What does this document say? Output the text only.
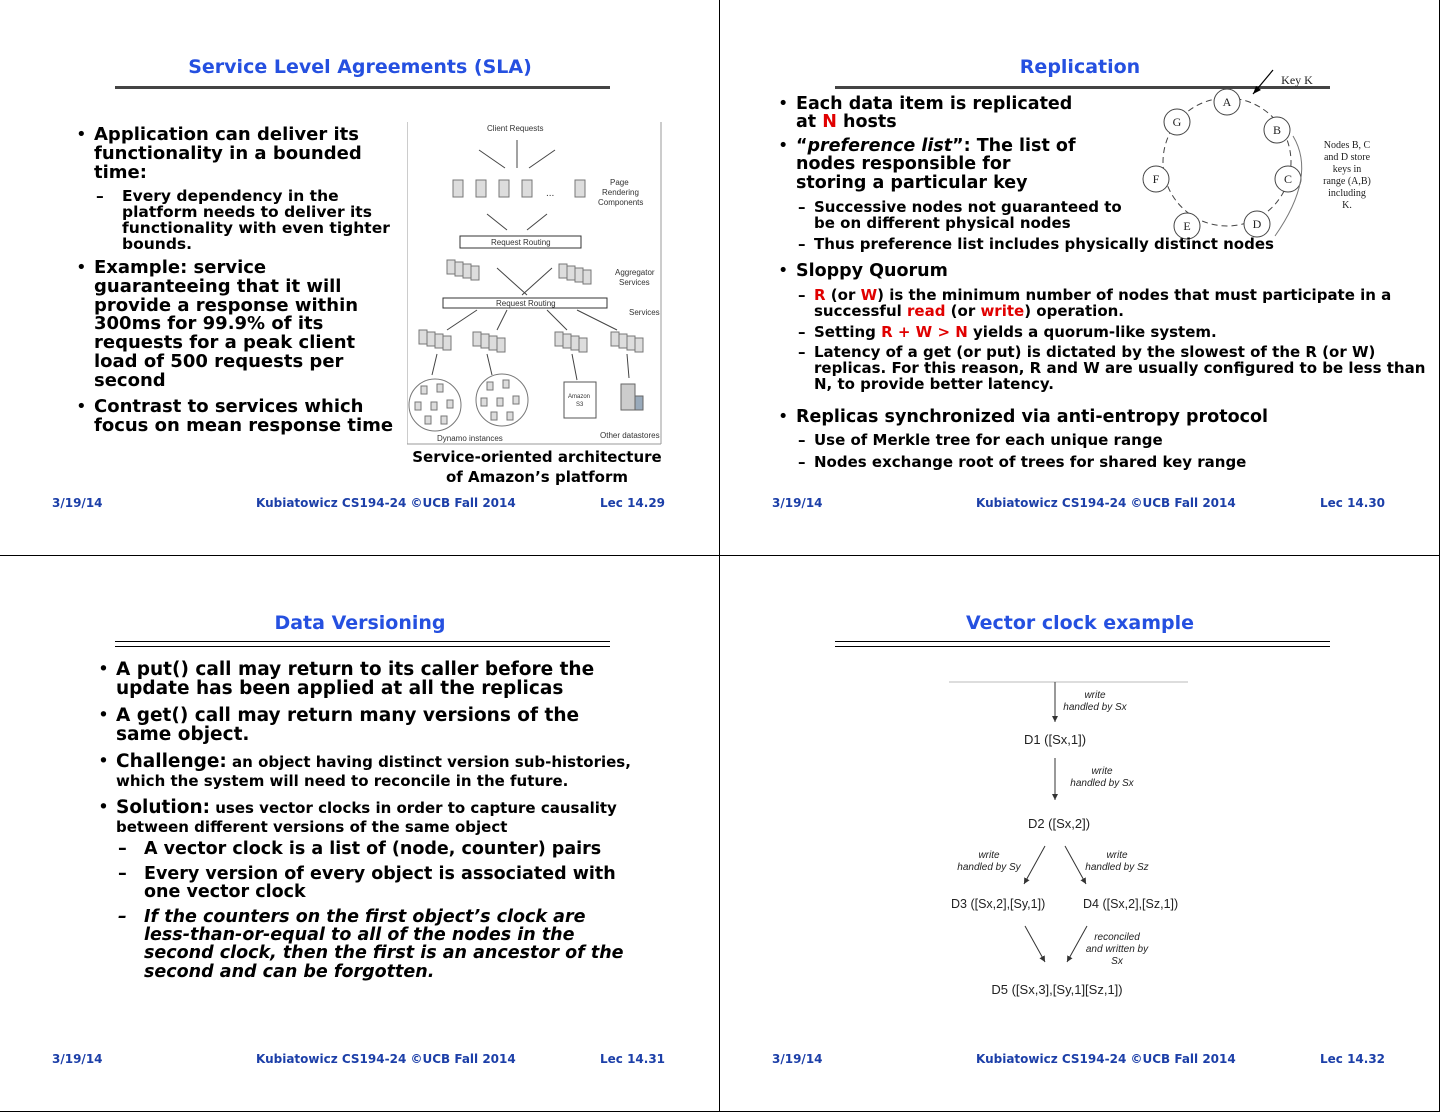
Service Level Agreements (SLA)
• Application can deliver its functionality in a bounded time:
– Every dependency in the platform needs to deliver its functionality with even tighter bounds.
• Example: service guaranteeing that it will provide a response within 300ms for 99.9% of its requests for a peak client load of 500 requests per second
• Contrast to services which focus on mean response time
Client Requests
...
Page
Rendering
Components
Request Routing
Aggregator
Services
Request Routing
Services
Amazon
S3
Dynamo instances	Other datastores
Service-oriented architecture
of Amazon’s platform
3/19/14	Kubiatowicz CS194-24 ©UCB Fall 2014	Lec 14.29
Replication
A
B
C
D
E
F
G
Key K
Nodes B, C
and D store
keys in
range (A,B)
including
K.
• Each data item is replicated at N hosts
• “preference list”: The list of nodes responsible for storing a particular key
– Successive nodes not guaranteed to be on different physical nodes
– Thus preference list includes physically distinct nodes
• Sloppy Quorum
– R (or W) is the minimum number of nodes that must participate in a successful read (or write) operation.
– Setting R + W > N yields a quorum-like system.
– Latency of a get (or put) is dictated by the slowest of the R (or W) replicas. For this reason, R and W are usually configured to be less than N, to provide better latency.
• Replicas synchronized via anti-entropy protocol
– Use of Merkle tree for each unique range
– Nodes exchange root of trees for shared key range
3/19/14	Kubiatowicz CS194-24 ©UCB Fall 2014	Lec 14.30
Data Versioning
• A put() call may return to its caller before the update has been applied at all the replicas
• A get() call may return many versions of the same object.
• Challenge: an object having distinct version sub-histories, which the system will need to reconcile in the future.
• Solution: uses vector clocks in order to capture causality between different versions of the same object
– A vector clock is a list of (node, counter) pairs
– Every version of every object is associated with one vector clock
– If the counters on the first object’s clock are less-than-or-equal to all of the nodes in the second clock, then the first is an ancestor of the second and can be forgotten.
3/19/14	Kubiatowicz CS194-24 ©UCB Fall 2014	Lec 14.31
Vector clock example
write
handled by Sx
D1 ([Sx,1])
write
handled by Sx
D2 ([Sx,2])
write
handled by Sy
write
handled by Sz
D3 ([Sx,2],[Sy,1])	D4 ([Sx,2],[Sz,1])
reconciled
and written by
Sx
D5 ([Sx,3],[Sy,1][Sz,1])
3/19/14	Kubiatowicz CS194-24 ©UCB Fall 2014	Lec 14.32
